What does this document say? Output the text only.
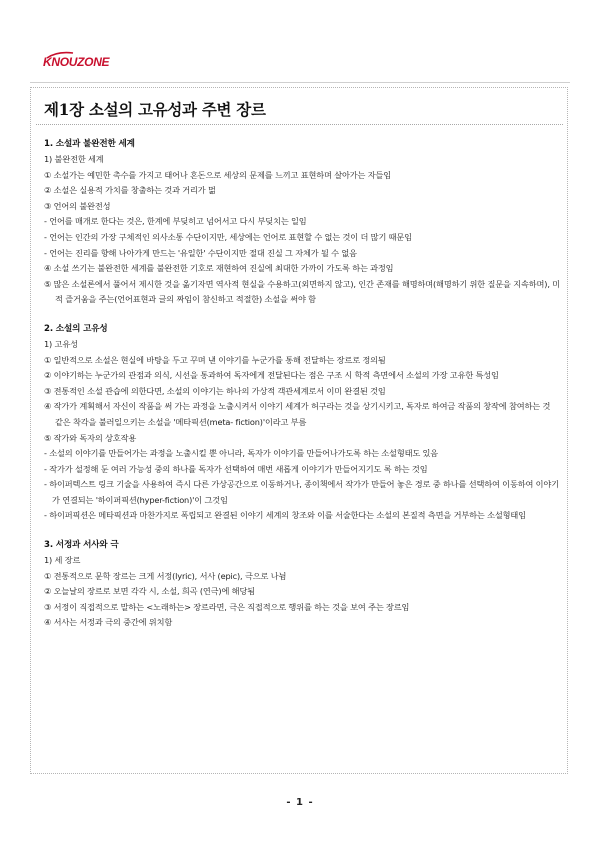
KNOUZONE
제1장 소설의 고유성과 주변 장르
1. 소설과 불완전한 세계
1) 불완전한 세계
① 소설가는 예민한 촉수를 가지고 태어나 혼돈으로 세상의 문제를 느끼고 표현하며 살아가는 자들임
② 소설은 실용적 가치를 창출하는 것과 거리가 멂
③ 언어의 불완전성
- 언어를 매개로 한다는 것은, 한계에 부딪히고 넘어서고 다시 부딪치는 일임
- 언어는 인간의 가장 구체적인 의사소통 수단이지만, 세상에는 언어로 표현할 수 없는 것이 더 많기 때문임
- 언어는 진리를 향해 나아가게 만드는 '유일한' 수단이지만 절대 진실 그 자체가 될 수 없음
④ 소설 쓰기는 불완전한 세계를 불완전한 기호로 재현하여 진실에 최대한 가까이 가도록 하는 과정임
⑤ 많은 소설론에서 풀어서 제시한 것을 옮기자면 역사적 현실을 수용하고(외면하지 않고), 인간 존재를 해명하며(해명하기 위한 질문을 지속하며), 미적 즐거움을 주는(언어표현과 글의 짜임이 참신하고 적절한) 소설을 써야 함
2. 소설의 고유성
1) 고유성
① 일반적으로 소설은 현실에 바탕을 두고 꾸며 낸 이야기를 누군가를 통해 전달하는 장르로 정의됨
② 이야기하는 누군가의 관점과 의식, 시선을 통과하여 독자에게 전달된다는 점은 구조 시 학적 측면에서 소설의 가장 고유한 특성임
③ 전통적인 소설 관습에 의한다면, 소설의 이야기는 하나의 가상적 객관세계로서 이미 완결된 것임
④ 작가가 계획해서 자신이 작품을 써 가는 과정을 노출시켜서 이야기 세계가 허구라는 것을 상기시키고, 독자로 하여금 작품의 창작에 참여하는 것 같은 착각을 불러일으키는 소설을 '메타픽션(meta- fiction)'이라고 부름
⑤ 작가와 독자의 상호작용
- 소설의 이야기를 만들어가는 과정을 노출시킬 뿐 아니라, 독자가 이야기를 만들어나가도록 하는 소설형태도 있음
- 작가가 설정해 둔 여러 가능성 중의 하나를 독자가 선택하여 매번 새롭게 이야기가 만들어지기도 록 하는 것임
- 하이퍼텍스트 링크 기술을 사용하여 즉시 다른 가상공간으로 이동하거나, 종이책에서 작가가 만들어 놓은 경로 중 하나를 선택하여 이동하여 이야기가 연결되는 '하이퍼픽션(hyper-fiction)'이 그것임
- 하이퍼픽션은 메타픽션과 마찬가지로 폭립되고 완결된 이야기 세계의 창조와 이를 서술한다는 소설의 본질적 측면을 거부하는 소설형태임
3. 서정과 서사와 극
1) 세 장르
① 전통적으로 문학 장르는 크게 서정(lyric), 서사 (epic), 극으로 나뉨
② 오늘날의 장르로 보면 각각 시, 소설, 희곡 (연극)에 해당됨
③ 서정이 직접적으로 말하는 <노래하는> 장르라면, 극은 직접적으로 행위를 하는 것을 보여 주는 장르임
④ 서사는 서정과 극의 중간에 위치함
- 1 -
